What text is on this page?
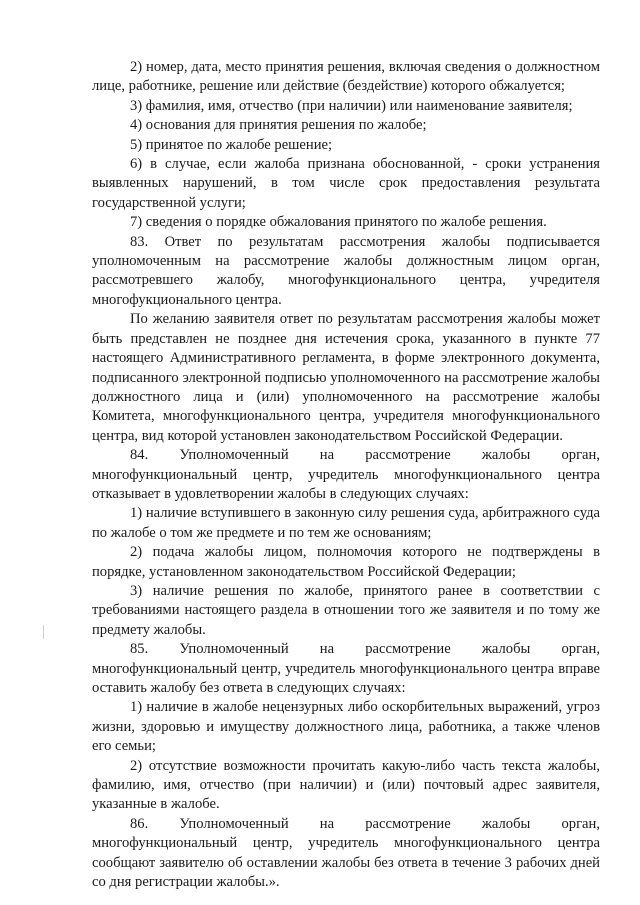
2) номер, дата, место принятия решения, включая сведения о должностном лице, работнике, решение или действие (бездействие) которого обжалуется;

3) фамилия, имя, отчество (при наличии) или наименование заявителя;

4) основания для принятия решения по жалобе;

5) принятое по жалобе решение;

6) в случае, если жалоба признана обоснованной, - сроки устранения выявленных нарушений, в том числе срок предоставления результата государственной услуги;

7) сведения о порядке обжалования принятого по жалобе решения.

83. Ответ по результатам рассмотрения жалобы подписывается уполномоченным на рассмотрение жалобы должностным лицом орган, рассмотревшего жалобу, многофункционального центра, учредителя многофукционального центра.

По желанию заявителя ответ по результатам рассмотрения жалобы может быть представлен не позднее дня истечения срока, указанного в пункте 77 настоящего Административного регламента, в форме электронного документа, подписанного электронной подписью уполномоченного на рассмотрение жалобы должностного лица и (или) уполномоченного на рассмотрение жалобы Комитета, многофункционального центра, учредителя многофункционального центра, вид которой установлен законодательством Российской Федерации.

84. Уполномоченный на рассмотрение жалобы орган, многофункциональный центр, учредитель многофункционального центра отказывает в удовлетворении жалобы в следующих случаях:

1) наличие вступившего в законную силу решения суда, арбитражного суда по жалобе о том же предмете и по тем же основаниям;

2) подача жалобы лицом, полномочия которого не подтверждены в порядке, установленном законодательством Российской Федерации;

3) наличие решения по жалобе, принятого ранее в соответствии с требованиями настоящего раздела в отношении того же заявителя и по тому же предмету жалобы.

85. Уполномоченный на рассмотрение жалобы орган, многофункциональный центр, учредитель многофункционального центра вправе оставить жалобу без ответа в следующих случаях:

1) наличие в жалобе нецензурных либо оскорбительных выражений, угроз жизни, здоровью и имуществу должностного лица, работника, а также членов его семьи;

2) отсутствие возможности прочитать какую-либо часть текста жалобы, фамилию, имя, отчество (при наличии) и (или) почтовый адрес заявителя, указанные в жалобе.

86. Уполномоченный на рассмотрение жалобы орган, многофункциональный центр, учредитель многофункционального центра сообщают заявителю об оставлении жалобы без ответа в течение 3 рабочих дней со дня регистрации жалобы.».
